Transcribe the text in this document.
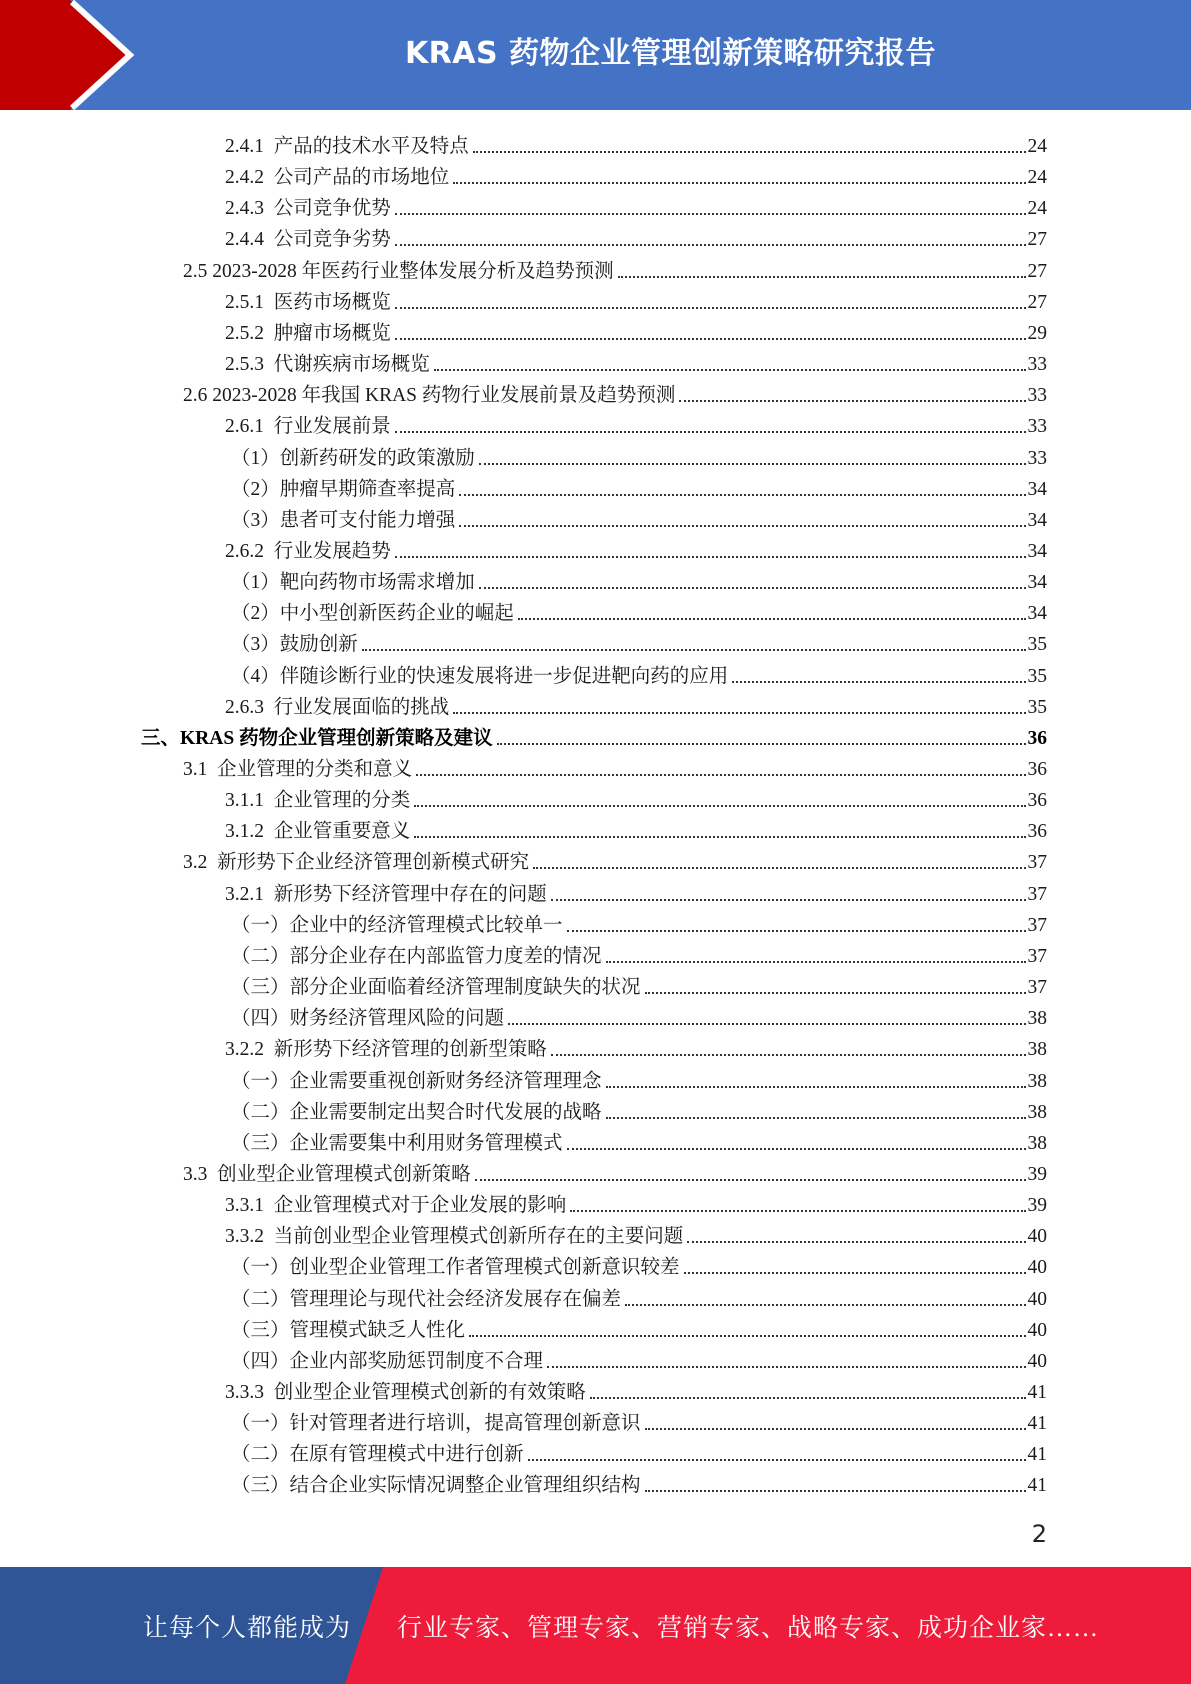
KRAS 药物企业管理创新策略研究报告
2.4.1 产品的技术水平及特点	24
2.4.2 公司产品的市场地位	24
2.4.3 公司竞争优势	24
2.4.4 公司竞争劣势	27
2.5 2023-2028 年医药行业整体发展分析及趋势预测	27
2.5.1 医药市场概览	27
2.5.2 肿瘤市场概览	29
2.5.3 代谢疾病市场概览	33
2.6 2023-2028 年我国 KRAS 药物行业发展前景及趋势预测	33
2.6.1 行业发展前景	33
（1） 创新药研发的政策激励	33
（2） 肿瘤早期筛查率提高	34
（3） 患者可支付能力增强	34
2.6.2 行业发展趋势	34
（1） 靶向药物市场需求增加	34
（2） 中小型创新医药企业的崛起	34
（3） 鼓励创新	35
（4） 伴随诊断行业的快速发展将进一步促进靶向药的应用	35
2.6.3 行业发展面临的挑战	35
三、 KRAS 药物企业管理创新策略及建议	36
3.1 企业管理的分类和意义	36
3.1.1 企业管理的分类	36
3.1.2 企业管重要意义	36
3.2 新形势下企业经济管理创新模式研究	37
3.2.1 新形势下经济管理中存在的问题	37
（一） 企业中的经济管理模式比较单一	37
（二） 部分企业存在内部监管力度差的情况	37
（三） 部分企业面临着经济管理制度缺失的状况	37
（四） 财务经济管理风险的问题	38
3.2.2 新形势下经济管理的创新型策略	38
（一） 企业需要重视创新财务经济管理理念	38
（二） 企业需要制定出契合时代发展的战略	38
（三） 企业需要集中利用财务管理模式	38
3.3 创业型企业管理模式创新策略	39
3.3.1 企业管理模式对于企业发展的影响	39
3.3.2 当前创业型企业管理模式创新所存在的主要问题	40
（一） 创业型企业管理工作者管理模式创新意识较差	40
（二） 管理理论与现代社会经济发展存在偏差	40
（三） 管理模式缺乏人性化	40
（四） 企业内部奖励惩罚制度不合理	40
3.3.3 创业型企业管理模式创新的有效策略	41
（一） 针对管理者进行培训，提高管理创新意识	41
（二） 在原有管理模式中进行创新	41
（三） 结合企业实际情况调整企业管理组织结构	41
2
让每个人都能成为 行业专家、管理专家、营销专家、战略专家、成功企业家……
